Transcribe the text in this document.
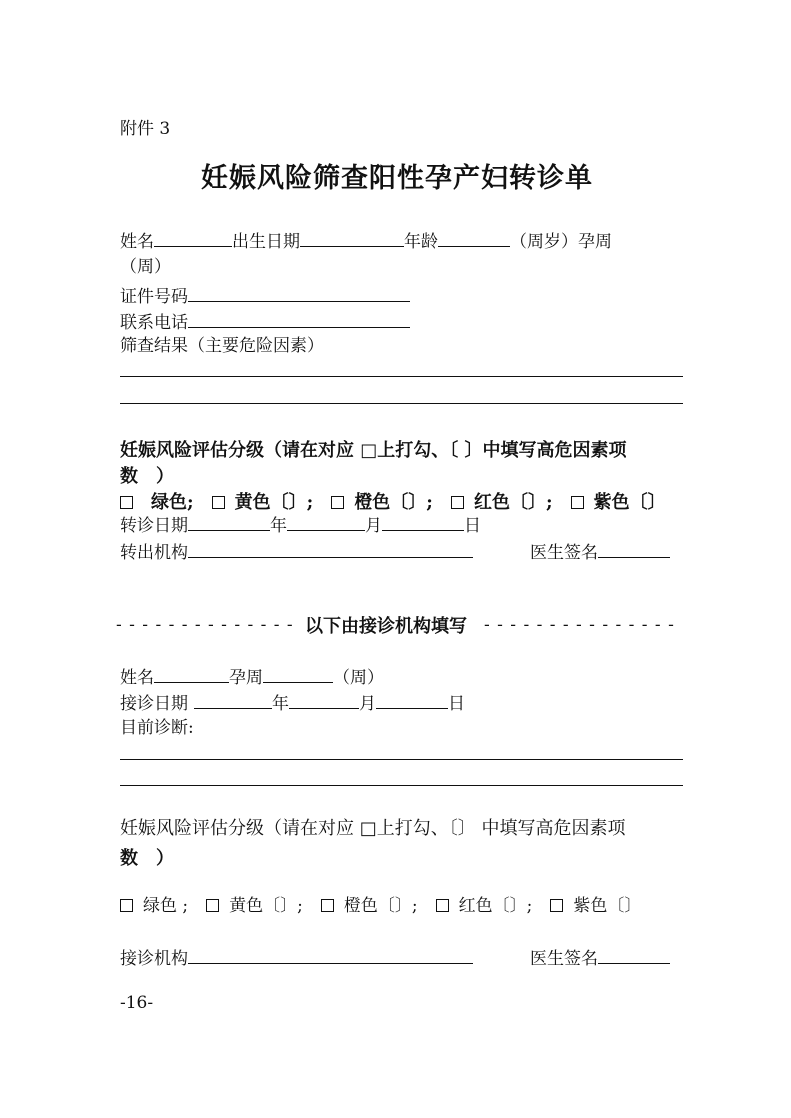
附件 3
妊娠风险筛查阳性孕产妇转诊单
姓名	出生日期	年龄	（周岁）孕周
（周）
证件号码
联系电话
筛查结果（主要危险因素）
妊娠风险评估分级（请在对应 □上打勾、〔 〕中填写高危因素项
数　）
绿色; 黄色〔〕; 橙色〔〕; 红色〔〕; 紫色〔〕
转诊日期	年	月	日
转出机构	医生签名
- - - - - - - - - - - - - - 以下由接诊机构填写 - - - - - - - - - - - - - - -
姓名	孕周	（周）
接诊日期	年	月	日
目前诊断:
妊娠风险评估分级（请在对应 □上打勾、〔〕 中填写高危因素项
数　）
绿色 ; 黄色〔〕; 橙色〔〕; 红色〔〕; 紫色〔〕
接诊机构	医生签名
-16-
